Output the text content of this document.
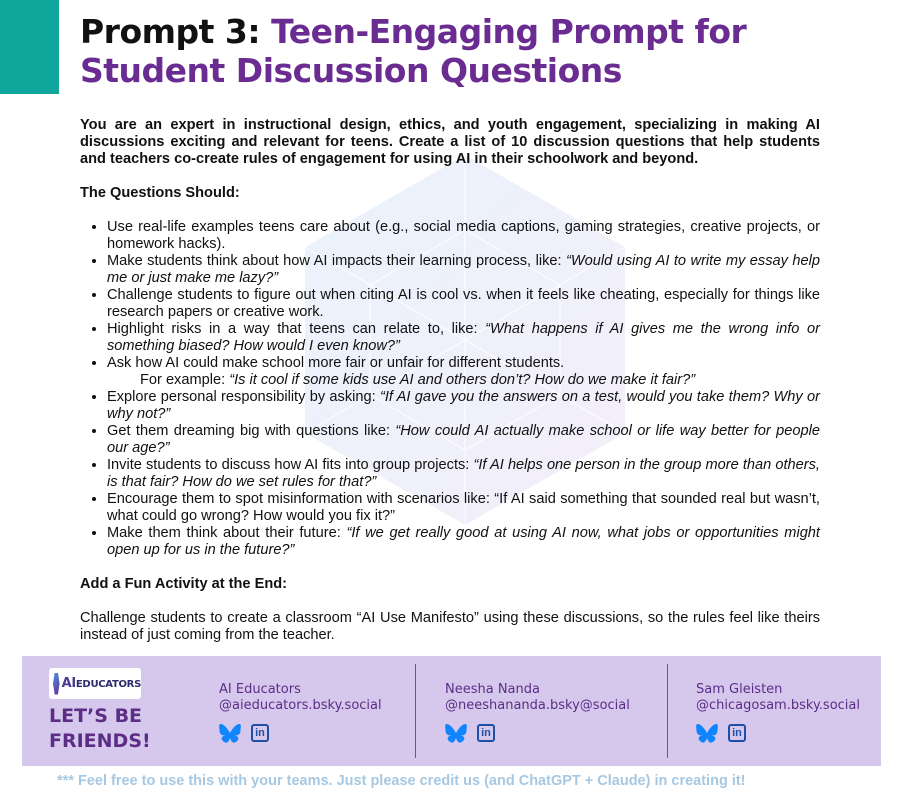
Prompt 3: Teen-Engaging Prompt for
Student Discussion Questions

You are an expert in instructional design, ethics, and youth engagement, specializing in making AI discussions exciting and relevant for teens. Create a list of 10 discussion questions that help students and teachers co-create rules of engagement for using AI in their schoolwork and beyond.

The Questions Should:

• Use real-life examples teens care about (e.g., social media captions, gaming strategies, creative projects, or homework hacks).
• Make students think about how AI impacts their learning process, like: “Would using AI to write my essay help me or just make me lazy?”
• Challenge students to figure out when citing AI is cool vs. when it feels like cheating, especially for things like research papers or creative work.
• Highlight risks in a way that teens can relate to, like: “What happens if AI gives me the wrong info or something biased? How would I even know?”
• Ask how AI could make school more fair or unfair for different students.
For example: “Is it cool if some kids use AI and others don’t? How do we make it fair?”
• Explore personal responsibility by asking: “If AI gave you the answers on a test, would you take them? Why or why not?”
• Get them dreaming big with questions like: “How could AI actually make school or life way better for people our age?”
• Invite students to discuss how AI fits into group projects: “If AI helps one person in the group more than others, is that fair? How do we set rules for that?”
• Encourage them to spot misinformation with scenarios like: “If AI said something that sounded real but wasn’t, what could go wrong? How would you fix it?”
• Make them think about their future: “If we get really good at using AI now, what jobs or opportunities might open up for us in the future?”

Add a Fun Activity at the End:

Challenge students to create a classroom “AI Use Manifesto” using these discussions, so the rules feel like theirs instead of just coming from the teacher.

AIEDUCATORS
LET’S BE
FRIENDS!
AI Educators
@aieducators.bsky.social
in
Neesha Nanda
@neeshananda.bsky@social
in
Sam Gleisten
@chicagosam.bsky.social
in
*** Feel free to use this with your teams. Just please credit us (and ChatGPT + Claude) in creating it!
